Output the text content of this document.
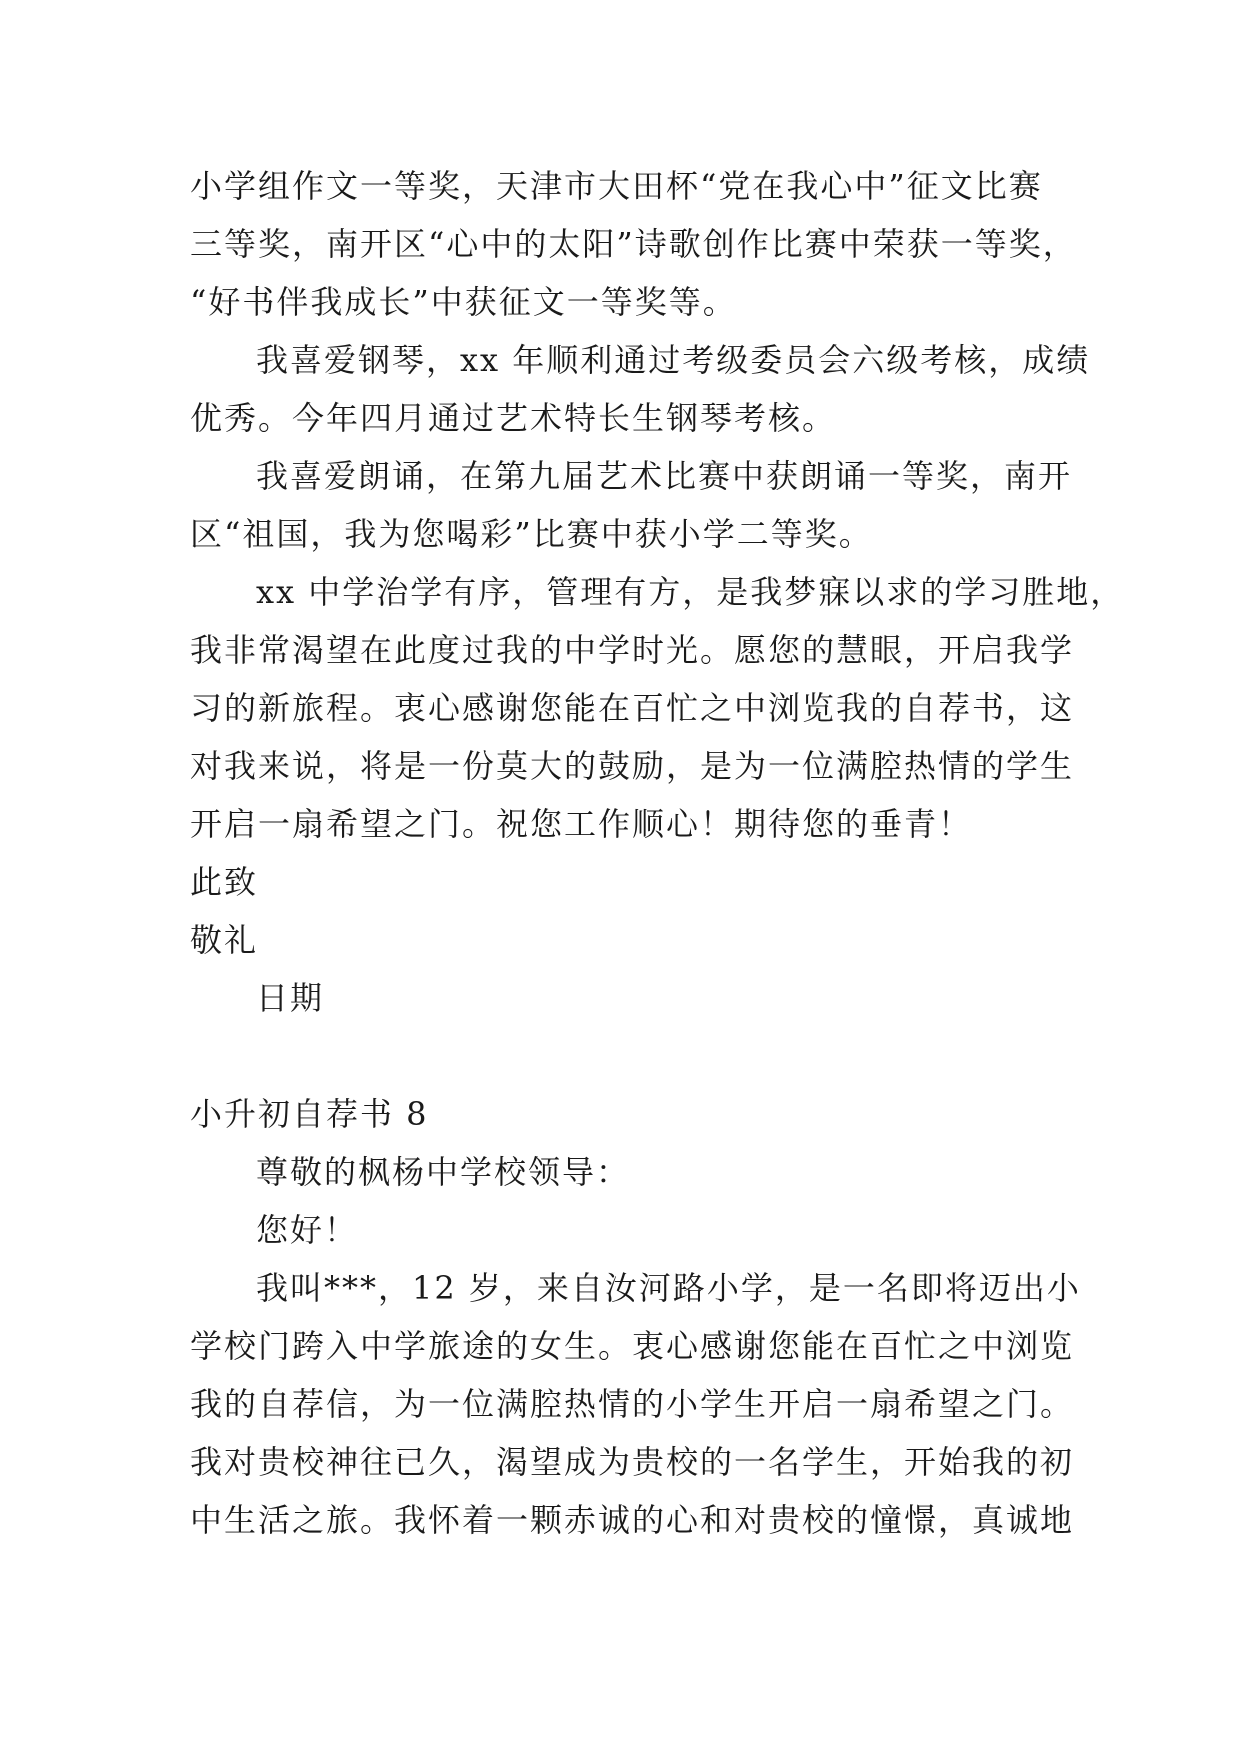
小学组作文一等奖，天津市大田杯“党在我心中”征文比赛
三等奖，南开区“心中的太阳”诗歌创作比赛中荣获一等奖，
“好书伴我成长”中获征文一等奖等。
我喜爱钢琴，xx 年顺利通过考级委员会六级考核，成绩
优秀。今年四月通过艺术特长生钢琴考核。
我喜爱朗诵，在第九届艺术比赛中获朗诵一等奖，南开
区“祖国，我为您喝彩”比赛中获小学二等奖。
xx 中学治学有序，管理有方，是我梦寐以求的学习胜地，
我非常渴望在此度过我的中学时光。愿您的慧眼，开启我学
习的新旅程。衷心感谢您能在百忙之中浏览我的自荐书，这
对我来说，将是一份莫大的鼓励，是为一位满腔热情的学生
开启一扇希望之门。祝您工作顺心！期待您的垂青！
此致
敬礼
日期
小升初自荐书 8
尊敬的枫杨中学校领导：
您好！
我叫***，12 岁，来自汝河路小学，是一名即将迈出小
学校门跨入中学旅途的女生。衷心感谢您能在百忙之中浏览
我的自荐信，为一位满腔热情的小学生开启一扇希望之门。
我对贵校神往已久，渴望成为贵校的一名学生，开始我的初
中生活之旅。我怀着一颗赤诚的心和对贵校的憧憬，真诚地
